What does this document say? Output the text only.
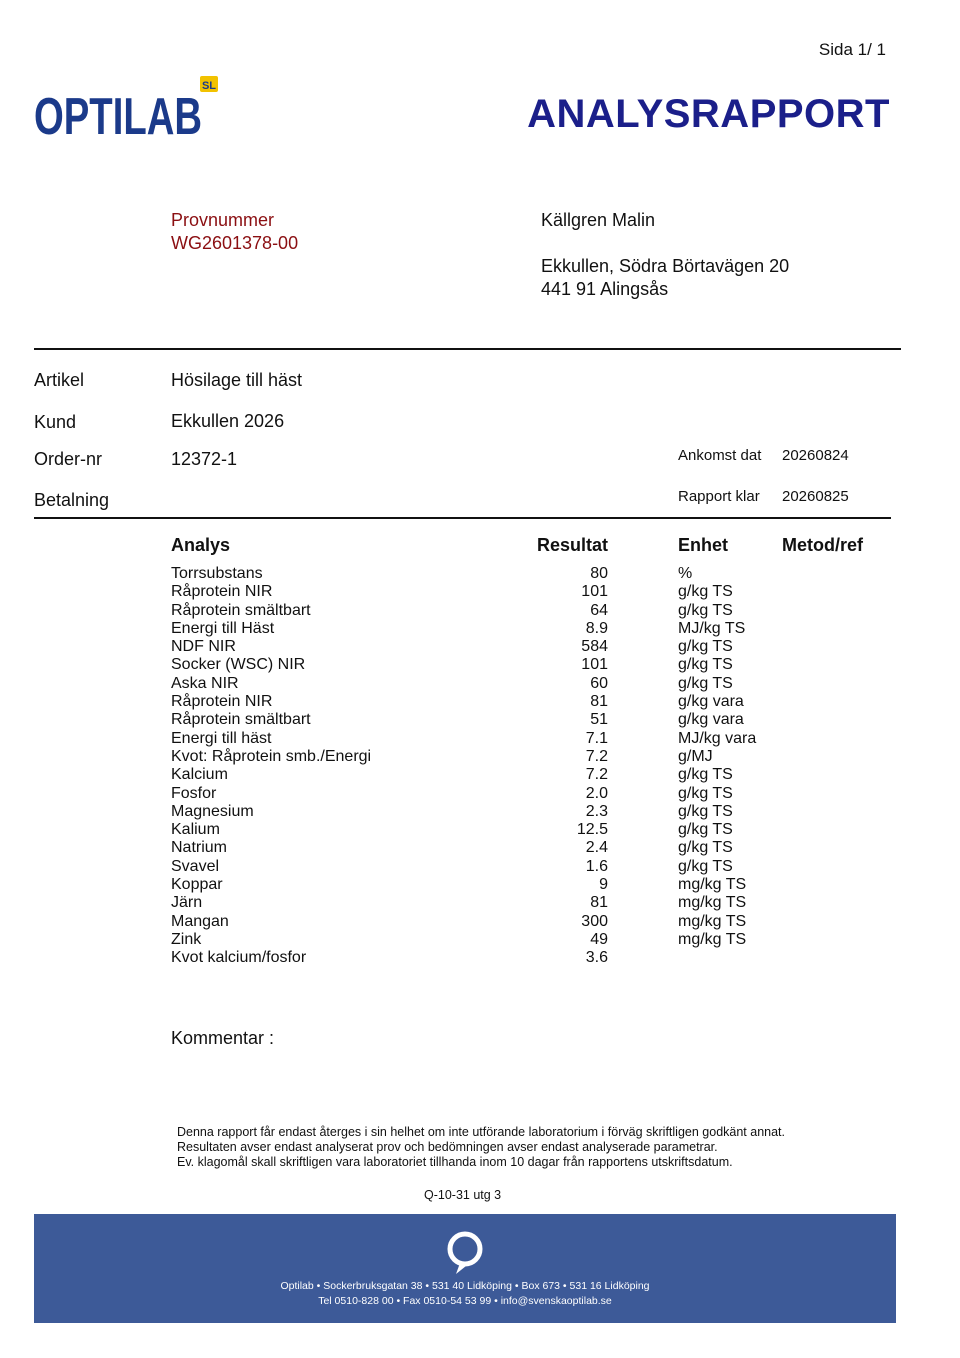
Sida 1/ 1
SL
OPTILAB	ANALYSRAPPORT
Provnummer
WG2601378-00
Källgren Malin
Ekkullen, Södra Börtavägen 20
441 91 Alingsås
Artikel	Hösilage till häst
Kund	Ekkullen 2026
Order-nr	12372-1	Ankomst dat 20260824
Betalning	Rapport klar 20260825
Analys	Resultat	Enhet	Metod/ref
Torrsubstans	80	%
Råprotein NIR	101	g/kg TS
Råprotein smältbart	64	g/kg TS
Energi till Häst	8.9	MJ/kg TS
NDF NIR	584	g/kg TS
Socker (WSC) NIR	101	g/kg TS
Aska NIR	60	g/kg TS
Råprotein NIR	81	g/kg vara
Råprotein smältbart	51	g/kg vara
Energi till häst	7.1	MJ/kg vara
Kvot: Råprotein smb./Energi	7.2	g/MJ
Kalcium	7.2	g/kg TS
Fosfor	2.0	g/kg TS
Magnesium	2.3	g/kg TS
Kalium	12.5	g/kg TS
Natrium	2.4	g/kg TS
Svavel	1.6	g/kg TS
Koppar	9	mg/kg TS
Järn	81	mg/kg TS
Mangan	300	mg/kg TS
Zink	49	mg/kg TS
Kvot kalcium/fosfor	3.6
Kommentar :
Denna rapport får endast återges i sin helhet om inte utförande laboratorium i förväg skriftligen godkänt annat.
Resultaten avser endast analyserat prov och bedömningen avser endast analyserade parametrar.
Ev. klagomål skall skriftligen vara laboratoriet tillhanda inom 10 dagar från rapportens utskriftsdatum.
Q-10-31 utg 3
Optilab • Sockerbruksgatan 38 • 531 40 Lidköping • Box 673 • 531 16 Lidköping
Tel 0510-828 00 • Fax 0510-54 53 99 • info@svenskaoptilab.se
